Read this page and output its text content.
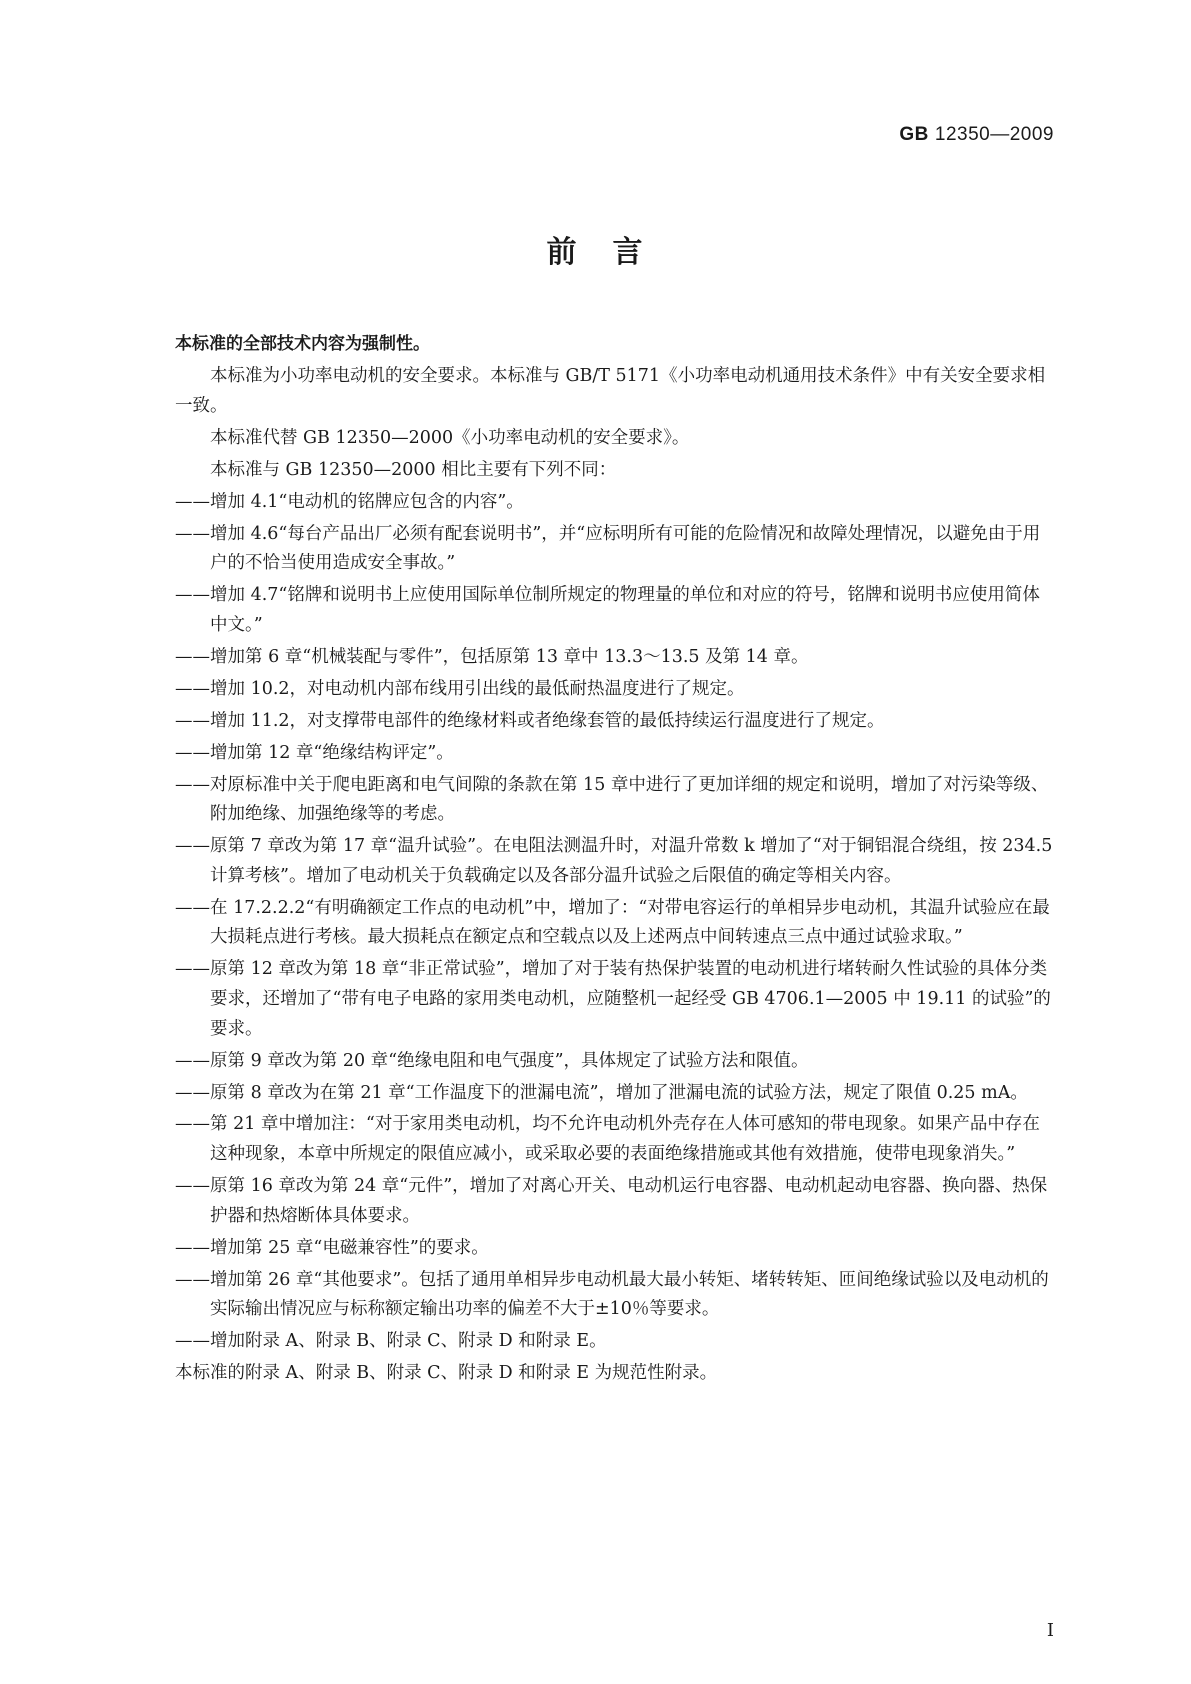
GB 12350—2009
前 言

本标准的全部技术内容为强制性。

本标准为小功率电动机的安全要求。本标准与 GB/T 5171《小功率电动机通用技术条件》中有关安全要求相一致。

本标准代替 GB 12350—2000《小功率电动机的安全要求》。

本标准与 GB 12350—2000 相比主要有下列不同：

—— 增加 4.1“电动机的铭牌应包含的内容”。
—— 增加 4.6“每台产品出厂必须有配套说明书”，并“应标明所有可能的危险情况和故障处理情况，以避免由于用户的不恰当使用造成安全事故。”
—— 增加 4.7“铭牌和说明书上应使用国际单位制所规定的物理量的单位和对应的符号，铭牌和说明书应使用简体中文。”
—— 增加第 6 章“机械装配与零件”，包括原第 13 章中 13.3～13.5 及第 14 章。
—— 增加 10.2，对电动机内部布线用引出线的最低耐热温度进行了规定。
—— 增加 11.2，对支撑带电部件的绝缘材料或者绝缘套管的最低持续运行温度进行了规定。
—— 增加第 12 章“绝缘结构评定”。
—— 对原标准中关于爬电距离和电气间隙的条款在第 15 章中进行了更加详细的规定和说明，增加了对污染等级、附加绝缘、加强绝缘等的考虑。
—— 原第 7 章改为第 17 章“温升试验”。在电阻法测温升时，对温升常数 k 增加了“对于铜铝混合绕组，按 234.5 计算考核”。增加了电动机关于负载确定以及各部分温升试验之后限值的确定等相关内容。
—— 在 17.2.2.2“有明确额定工作点的电动机”中，增加了：“对带电容运行的单相异步电动机，其温升试验应在最大损耗点进行考核。最大损耗点在额定点和空载点以及上述两点中间转速点三点中通过试验求取。”
—— 原第 12 章改为第 18 章“非正常试验”，增加了对于装有热保护装置的电动机进行堵转耐久性试验的具体分类要求，还增加了“带有电子电路的家用类电动机，应随整机一起经受 GB 4706.1—2005 中 19.11 的试验”的要求。
—— 原第 9 章改为第 20 章“绝缘电阻和电气强度”，具体规定了试验方法和限值。
—— 原第 8 章改为在第 21 章“工作温度下的泄漏电流”，增加了泄漏电流的试验方法，规定了限值 0.25 mA。
—— 第 21 章中增加注：“对于家用类电动机，均不允许电动机外壳存在人体可感知的带电现象。如果产品中存在这种现象，本章中所规定的限值应减小，或采取必要的表面绝缘措施或其他有效措施，使带电现象消失。”
—— 原第 16 章改为第 24 章“元件”，增加了对离心开关、电动机运行电容器、电动机起动电容器、换向器、热保护器和热熔断体具体要求。
—— 增加第 25 章“电磁兼容性”的要求。
—— 增加第 26 章“其他要求”。包括了通用单相异步电动机最大最小转矩、堵转转矩、匝间绝缘试验以及电动机的实际输出情况应与标称额定输出功率的偏差不大于±10％等要求。
—— 增加附录 A、附录 B、附录 C、附录 D 和附录 E。

本标准的附录 A、附录 B、附录 C、附录 D 和附录 E 为规范性附录。

I
